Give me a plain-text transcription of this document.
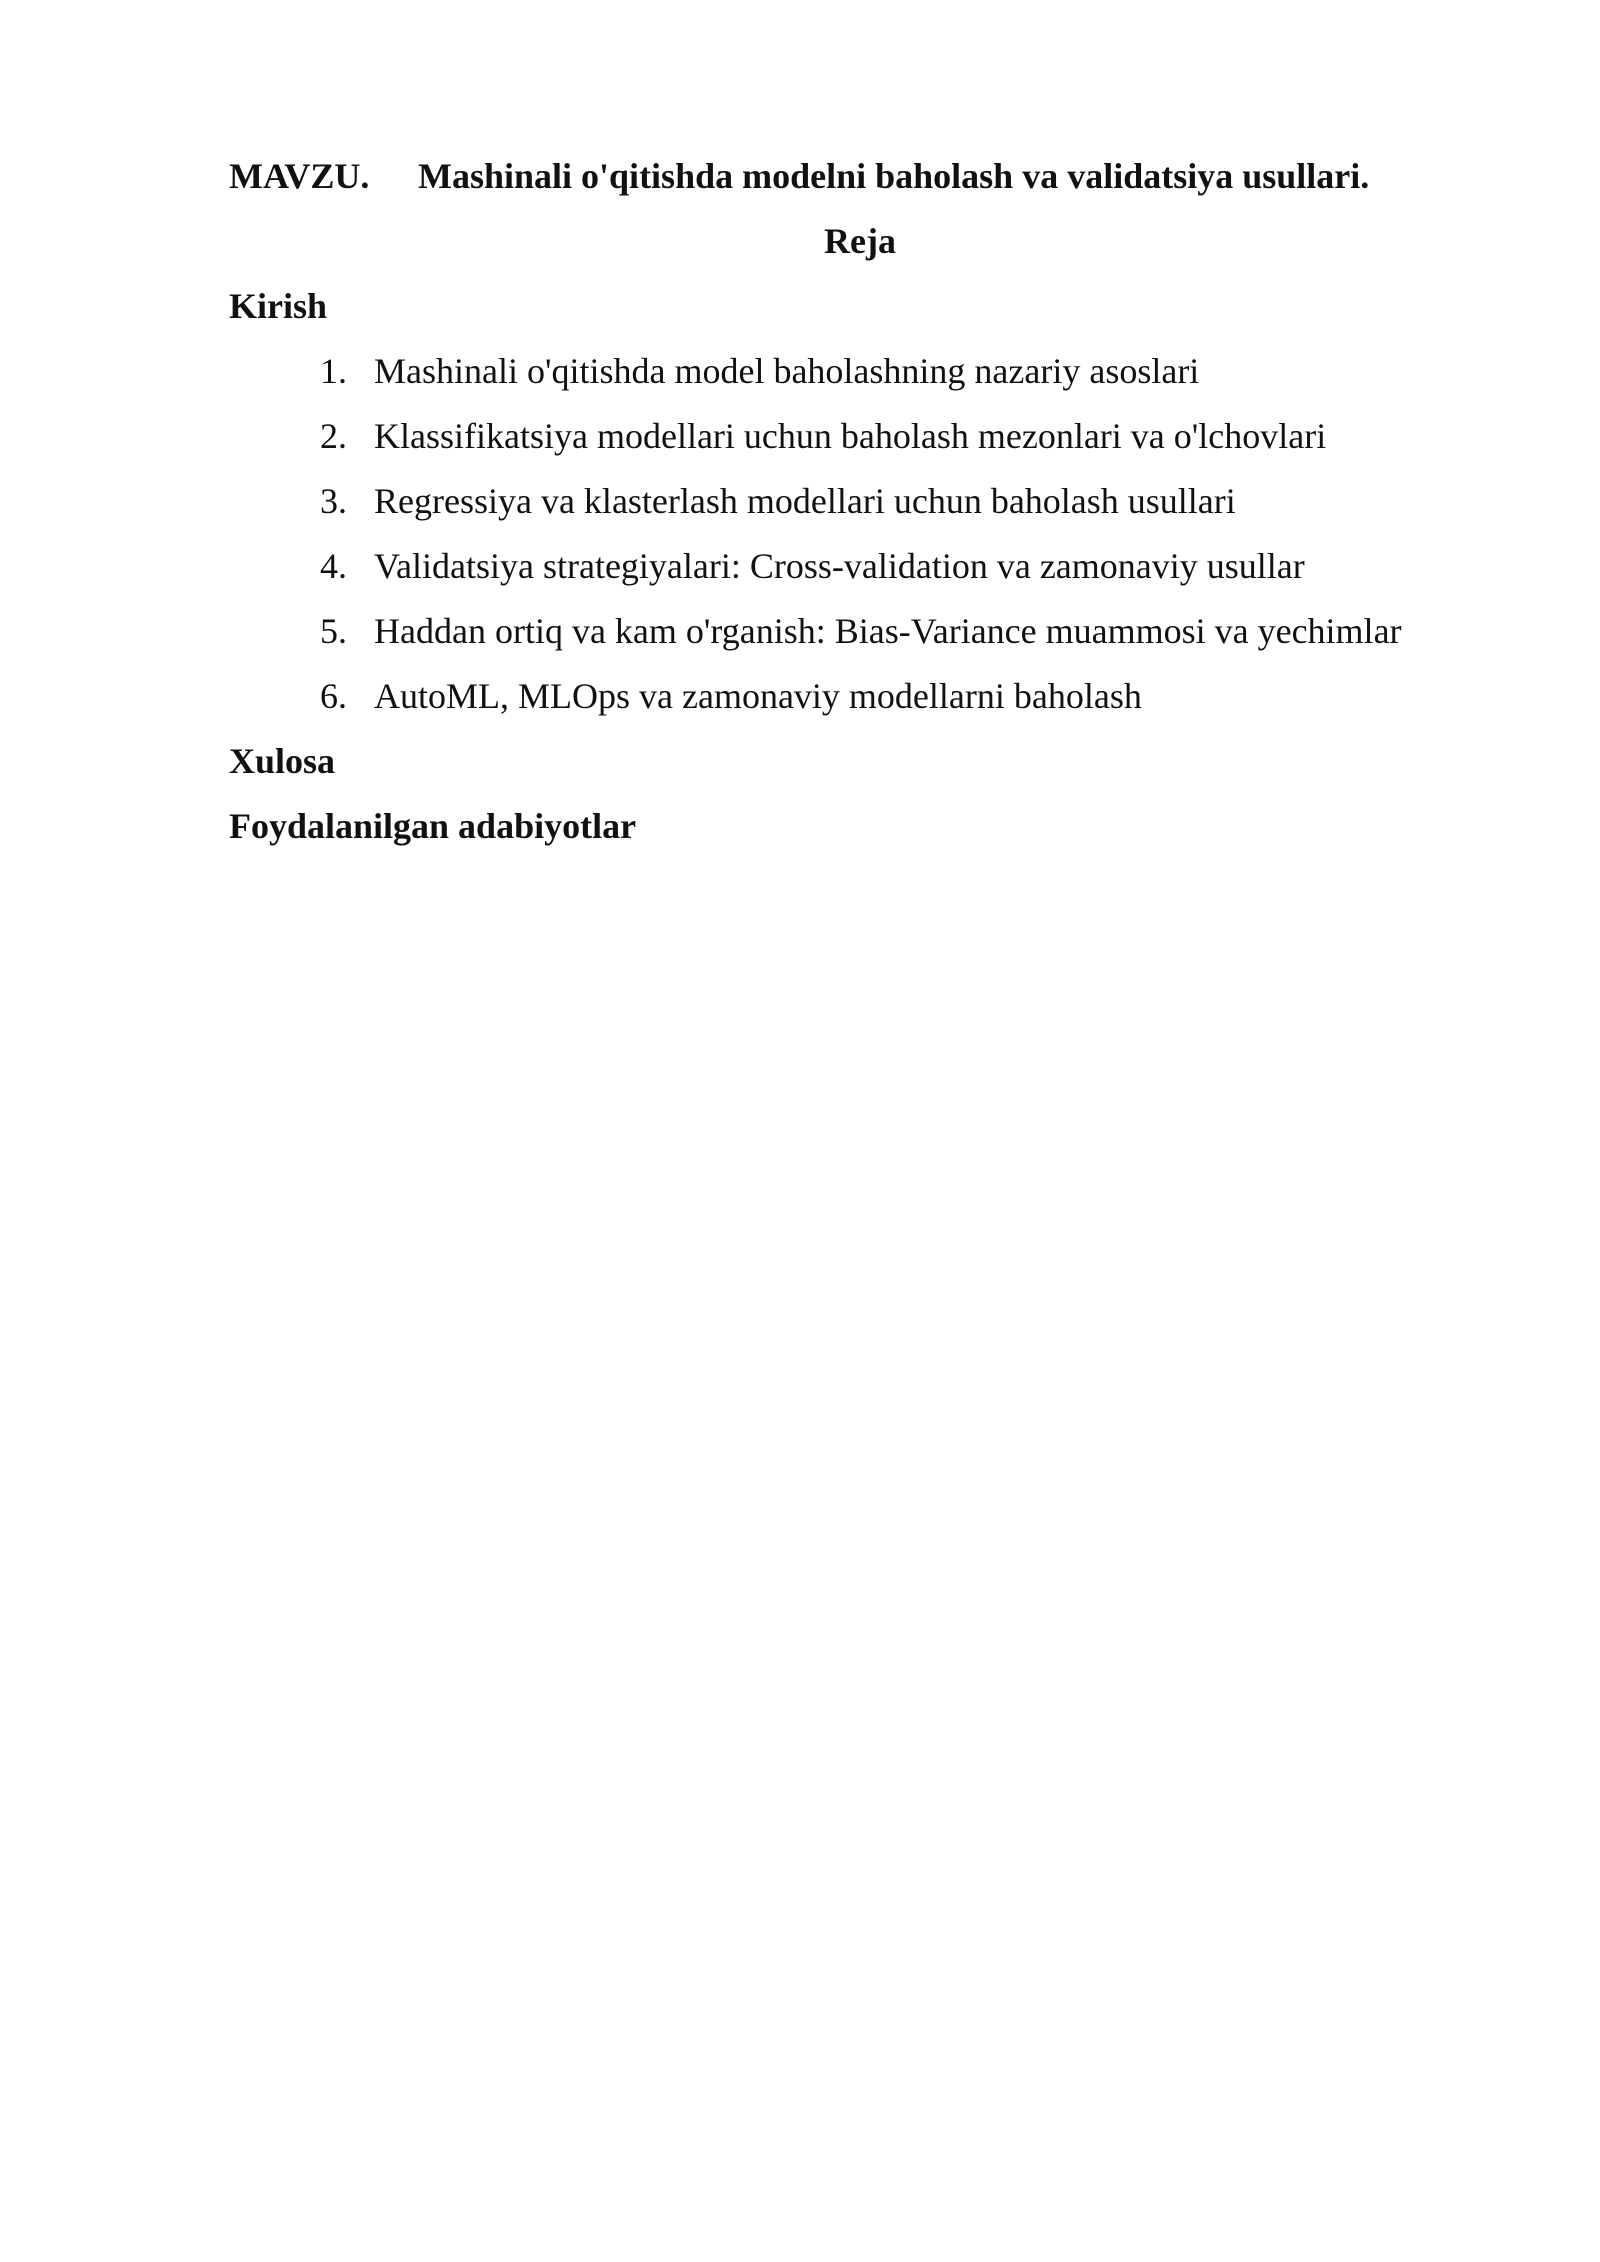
MAVZU. Mashinali o'qitishda modelni baholash va validatsiya usullari.
Reja
Kirish
1. Mashinali o'qitishda model baholashning nazariy asoslari
2. Klassifikatsiya modellari uchun baholash mezonlari va o'lchovlari
3. Regressiya va klasterlash modellari uchun baholash usullari
4. Validatsiya strategiyalari: Cross-validation va zamonaviy usullar
5. Haddan ortiq va kam o'rganish: Bias-Variance muammosi va yechimlar
6. AutoML, MLOps va zamonaviy modellarni baholash
Xulosa
Foydalanilgan adabiyotlar
